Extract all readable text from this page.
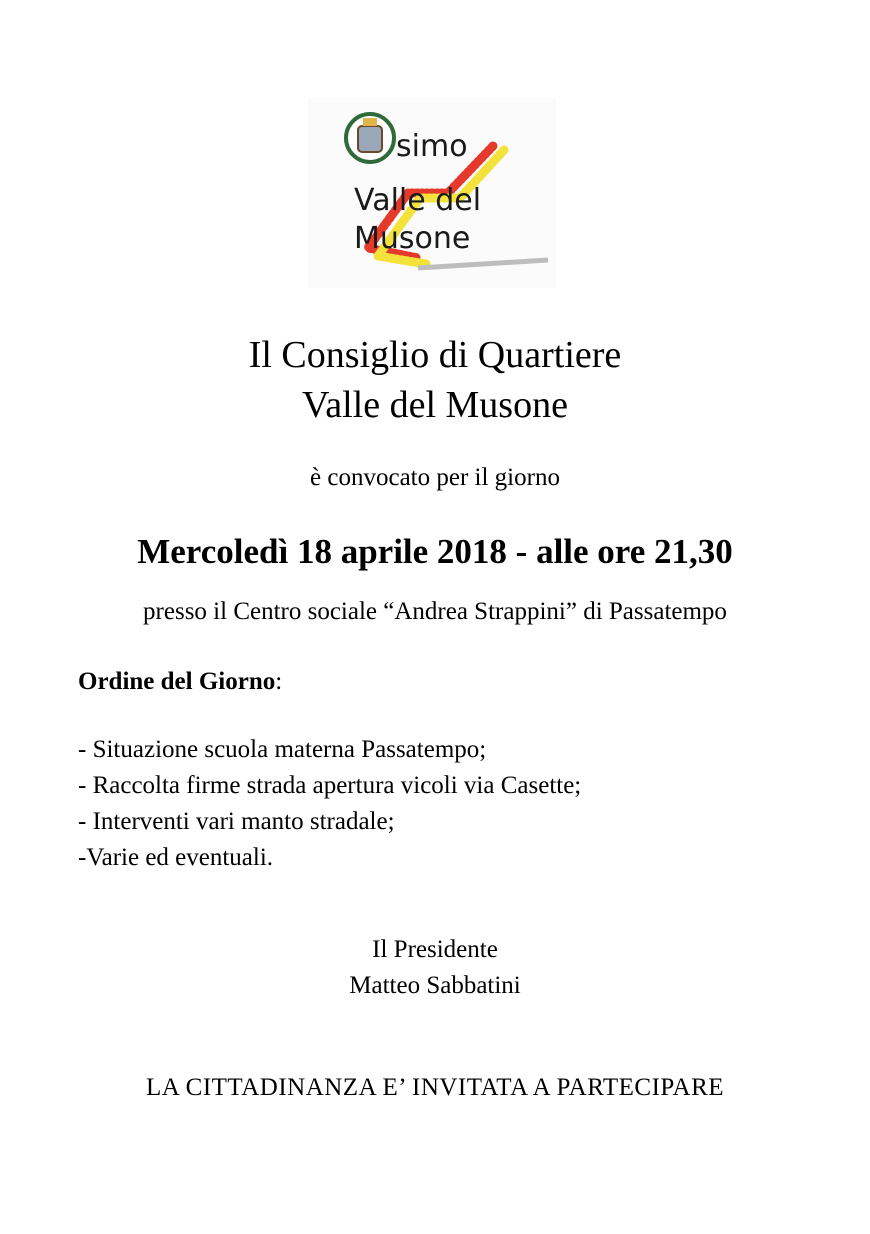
simo
Valle del
Musone
Il Consiglio di Quartiere
Valle del Musone
è convocato per il giorno
Mercoledì 18 aprile 2018 - alle ore 21,30
presso il Centro sociale “Andrea Strappini” di Passatempo
Ordine del Giorno:
- Situazione scuola materna Passatempo;
- Raccolta firme strada apertura vicoli via Casette;
- Interventi vari manto stradale;
-Varie ed eventuali.
Il Presidente
Matteo Sabbatini
LA CITTADINANZA E’ INVITATA A PARTECIPARE
